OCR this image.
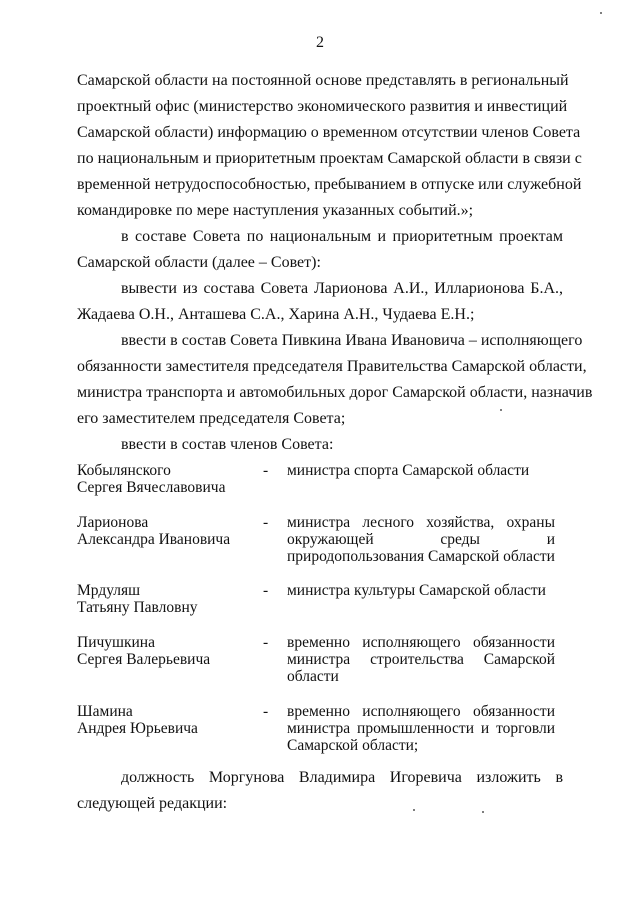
2
Самарской области на постоянной основе представлять в региональный
проектный офис (министерство экономического развития и инвестиций
Самарской области) информацию о временном отсутствии членов Совета
по национальным и приоритетным проектам Самарской области в связи с
временной нетрудоспособностью, пребыванием в отпуске или служебной
командировке по мере наступления указанных событий.»;
в составе Совета по национальным и приоритетным проектам
Самарской области (далее – Совет):
вывести из состава Совета Ларионова А.И., Илларионова Б.А.,
Жадаева О.Н., Анташева С.А., Харина А.Н., Чудаева Е.Н.;
ввести в состав Совета Пивкина Ивана Ивановича – исполняющего
обязанности заместителя председателя Правительства Самарской области,
министра транспорта и автомобильных дорог Самарской области, назначив
его заместителем председателя Совета;
ввести в состав членов Совета:
Кобылянского
Сергея Вячеславовича
- министра спорта Самарской области
Ларионова
Александра Ивановича
- министра лесного хозяйства, охраны
окружающей среды и
природопользования Самарской области
Мрдуляш
Татьяну Павловну
- министра культуры Самарской области
Пичушкина
Сергея Валерьевича
- временно исполняющего обязанности
министра строительства Самарской
области
Шамина
Андрея Юрьевича
- временно исполняющего обязанности
министра промышленности и торговли
Самарской области;
должность Моргунова Владимира Игоревича изложить в
следующей редакции:
